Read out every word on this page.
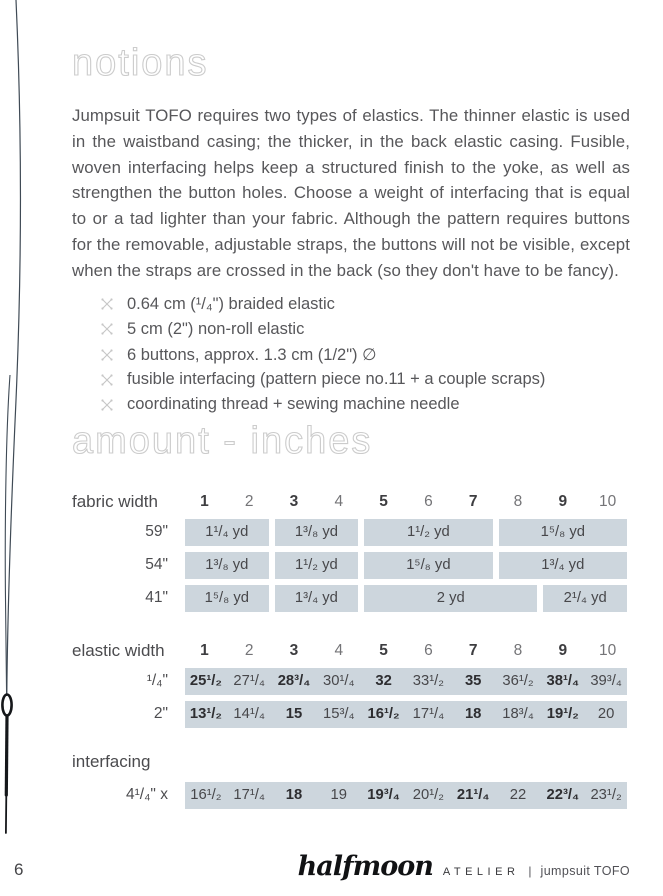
notions

Jumpsuit TOFO requires two types of elastics. The thinner elastic is used in the waistband casing; the thicker, in the back elastic casing. Fusible, woven interfacing helps keep a structured finish to the yoke, as well as strengthen the button holes. Choose a weight of interfacing that is equal to or a tad lighter than your fabric. Although the pattern requires buttons for the removable, adjustable straps, the buttons will not be visible, except when the straps are crossed in the back (so they don't have to be fancy).

0.64 cm (¹/₄") braided elastic
5 cm (2") non-roll elastic
6 buttons, approx. 1.3 cm (1/2") ∅
fusible interfacing (pattern piece no.11 + a couple scraps)
coordinating thread + sewing machine needle
amount - inches
fabric width	1	2	3	4	5	6	7	8	9	10
59"	1¹/₄ yd	1³/₈ yd	1¹/₂ yd	1⁵/₈ yd
54"	1³/₈ yd	1¹/₂ yd	1⁵/₈ yd	1³/₄ yd
41"	1⁵/₈ yd	1³/₄ yd	2 yd	2¹/₄ yd
elastic width	1	2	3	4	5	6	7	8	9	10
¹/₄"	25¹/₂ 27¹/₄ 28³/₄ 30¹/₄	32	33¹/₂	35	36¹/₂ 38¹/₄ 39³/₄
2"	13¹/₂ 14¹/₄	15	15³/₄ 16¹/₂ 17¹/₄	18	18³/₄ 19¹/₂	20

interfacing

4¹/₄" x	16¹/₂ 17¹/₄	18	19	19³/₄ 20¹/₂ 21¹/₄	22	22³/₄ 23¹/₂
6	halfmoon ATELIER | jumpsuit TOFO
